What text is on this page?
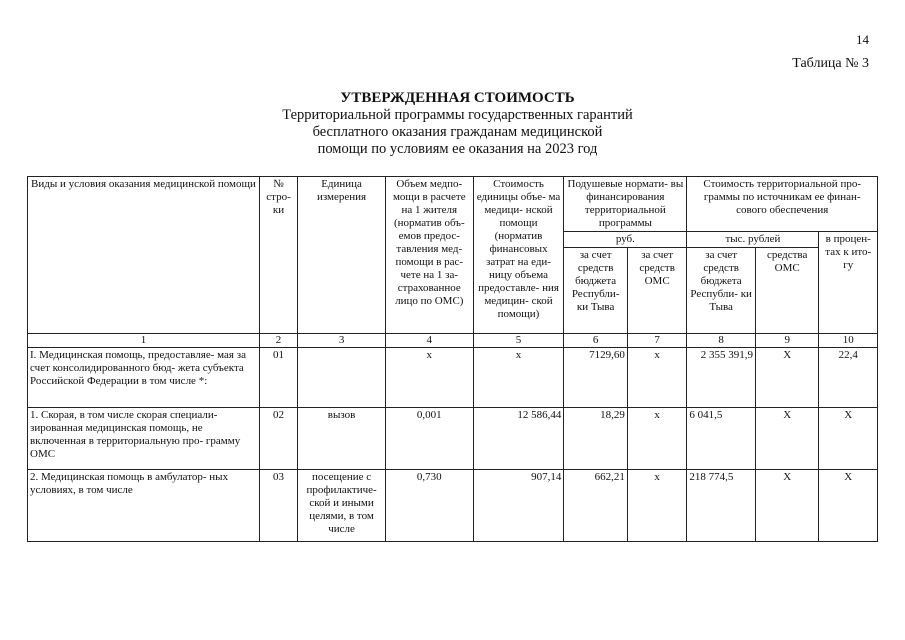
14
Таблица № 3
УТВЕРЖДЕННАЯ СТОИМОСТЬ
Территориальной программы государственных гарантий
бесплатного оказания гражданам медицинской
помощи по условиям ее оказания на 2023 год
Виды и условия оказания медицинской помощи	№ стро- ки	Единица измерения	Объем медпо- мощи в расчете на 1 жителя (норматив объ- емов предос- тавления мед- помощи в рас- чете на 1 за- страхованное лицо по ОМС)	Стоимость единицы объе- ма медици- нской помощи (норматив финансовых затрат на еди- ницу объема предоставле- ния медицин- ской помощи)	Подушевые нормати- вы финансирования территориальной программы		Стоимость территориальной про- граммы по источникам ее финан- сового обеспечения		
					руб.		тыс. рублей		в процен- тах к ито- гу
					за счет средств бюджета Республи- ки Тыва	за счет средств ОМС	за счет средств бюджета Республи- ки Тыва	средства ОМС	
1	2	3	4	5	6	7	8	9	10
I. Медицинская помощь, предоставляе- мая за счет консолидированного бюд- жета субъекта Российской Федерации в том числе *:	01		х	х	7129,60	х	2 355 391,9	Х	22,4
1. Скорая, в том числе скорая специали- зированная медицинская помощь, не включенная в территориальную про- грамму ОМС	02	вызов	0,001	12 586,44	18,29	х	6 041,5	Х	Х
2. Медицинская помощь в амбулатор- ных условиях, в том числе	03	посещение с профилактиче- ской и иными целями, в том числе	0,730	907,14	662,21	х	218 774,5	Х	Х
